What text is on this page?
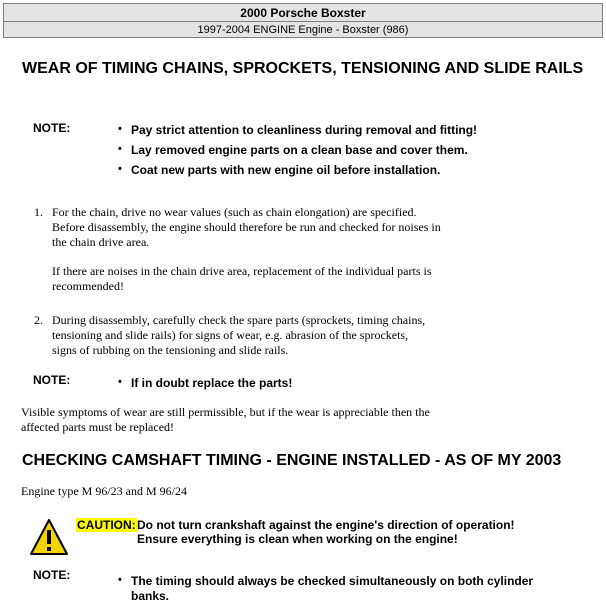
2000 Porsche Boxster
1997-2004 ENGINE Engine - Boxster (986)
WEAR OF TIMING CHAINS, SPROCKETS, TENSIONING AND SLIDE RAILS
NOTE:	• Pay strict attention to cleanliness during removal and fitting!
• Lay removed engine parts on a clean base and cover them.
• Coat new parts with new engine oil before installation.
1. For the chain, drive no wear values (such as chain elongation) are specified.
Before disassembly, the engine should therefore be run and checked for noises in
the chain drive area.
If there are noises in the chain drive area, replacement of the individual parts is
recommended!
2. During disassembly, carefully check the spare parts (sprockets, timing chains,
tensioning and slide rails) for signs of wear, e.g. abrasion of the sprockets,
signs of rubbing on the tensioning and slide rails.
NOTE:	• If in doubt replace the parts!
Visible symptoms of wear are still permissible, but if the wear is appreciable then the
affected parts must be replaced!
CHECKING CAMSHAFT TIMING - ENGINE INSTALLED - AS OF MY 2003
Engine type M 96/23 and M 96/24
CAUTION: Do not turn crankshaft against the engine's direction of operation!
Ensure everything is clean when working on the engine!
NOTE:	• The timing should always be checked simultaneously on both cylinder
banks.
